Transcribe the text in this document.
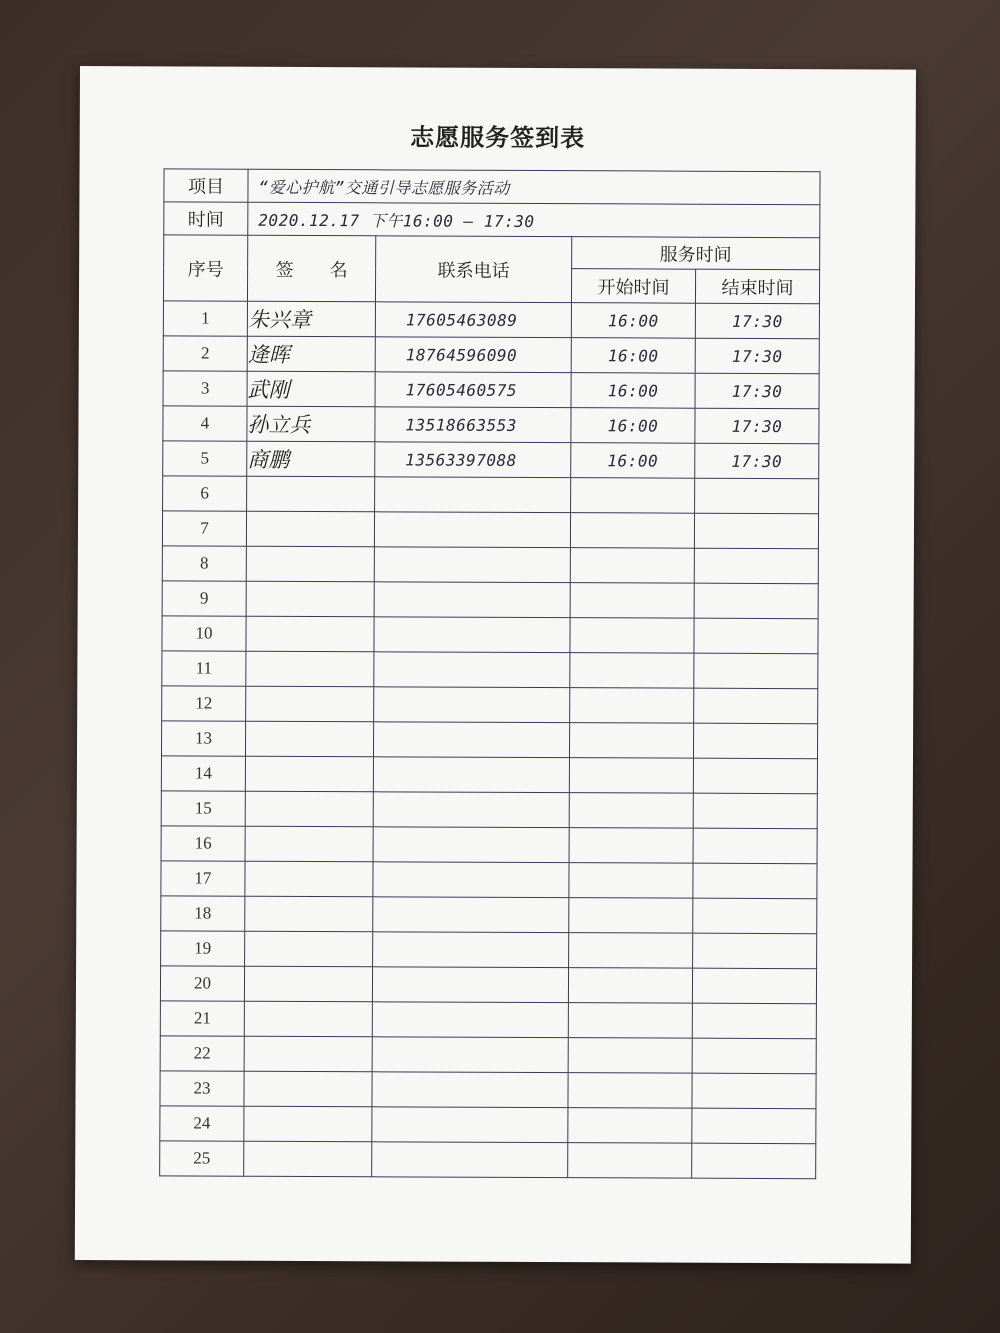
志愿服务签到表
项目	“爱心护航”交通引导志愿服务活动			
时间	2020.12.17 下午16:00 — 17:30			
序号	签　　名	联系电话	服务时间	
			开始时间	结束时间
1	朱兴章	17605463089	16:00	17:30
2	逄晖	18764596090	16:00	17:30
3	武刚	17605460575	16:00	17:30
4	孙立兵	13518663553	16:00	17:30
5	商鹏	13563397088	16:00	17:30
6				
7				
8				
9				
10				
11				
12				
13				
14				
15				
16				
17				
18				
19				
20				
21				
22				
23				
24				
25				
